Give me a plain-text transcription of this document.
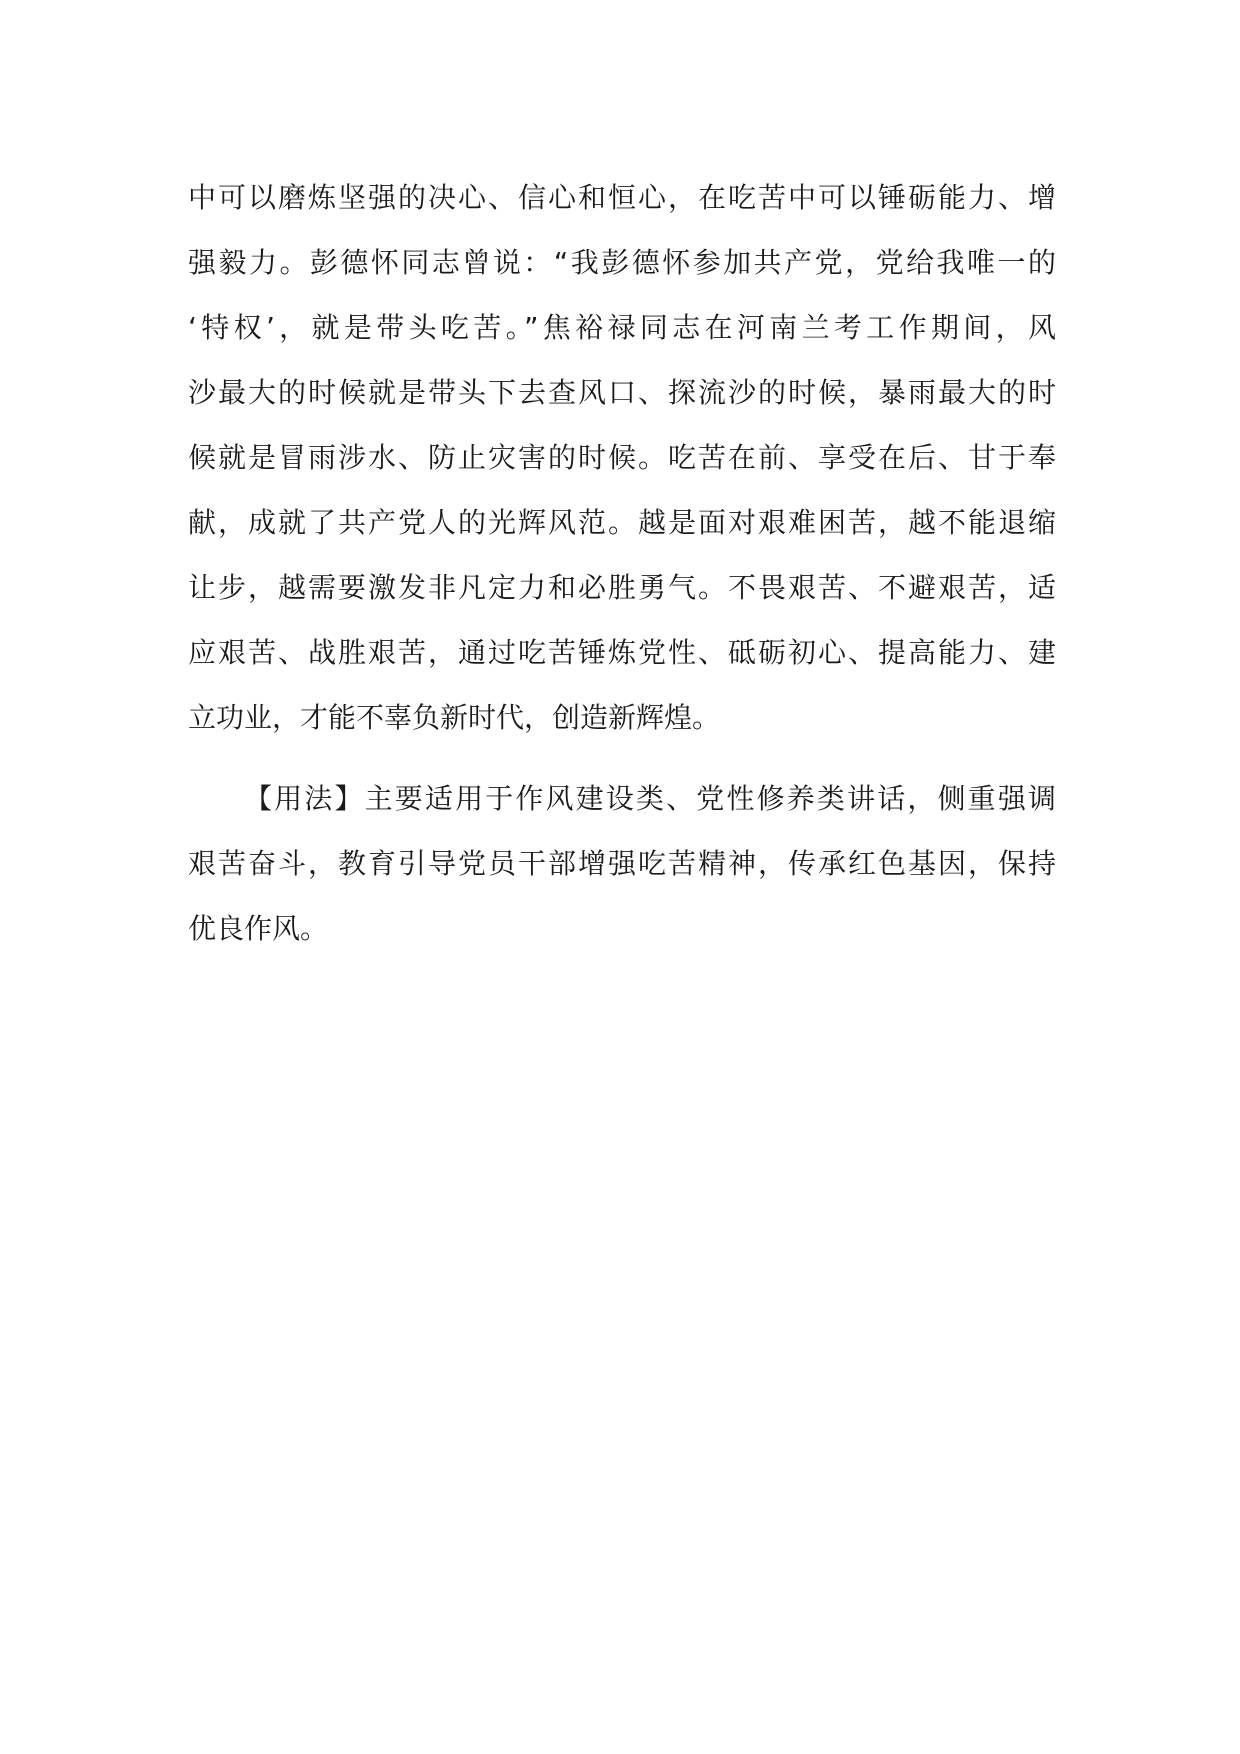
中可以磨炼坚强的决心、信心和恒心，在吃苦中可以锤砺能力、增
强毅力。彭德怀同志曾说：“我彭德怀参加共产党，党给我唯一的
‘特权’，就是带头吃苦。”焦裕禄同志在河南兰考工作期间，风
沙最大的时候就是带头下去查风口、探流沙的时候，暴雨最大的时
候就是冒雨涉水、防止灾害的时候。吃苦在前、享受在后、甘于奉
献，成就了共产党人的光辉风范。越是面对艰难困苦，越不能退缩
让步，越需要激发非凡定力和必胜勇气。不畏艰苦、不避艰苦，适
应艰苦、战胜艰苦，通过吃苦锤炼党性、砥砺初心、提高能力、建
立功业，才能不辜负新时代，创造新辉煌。
【用法】主要适用于作风建设类、党性修养类讲话，侧重强调
艰苦奋斗，教育引导党员干部增强吃苦精神，传承红色基因，保持
优良作风。
